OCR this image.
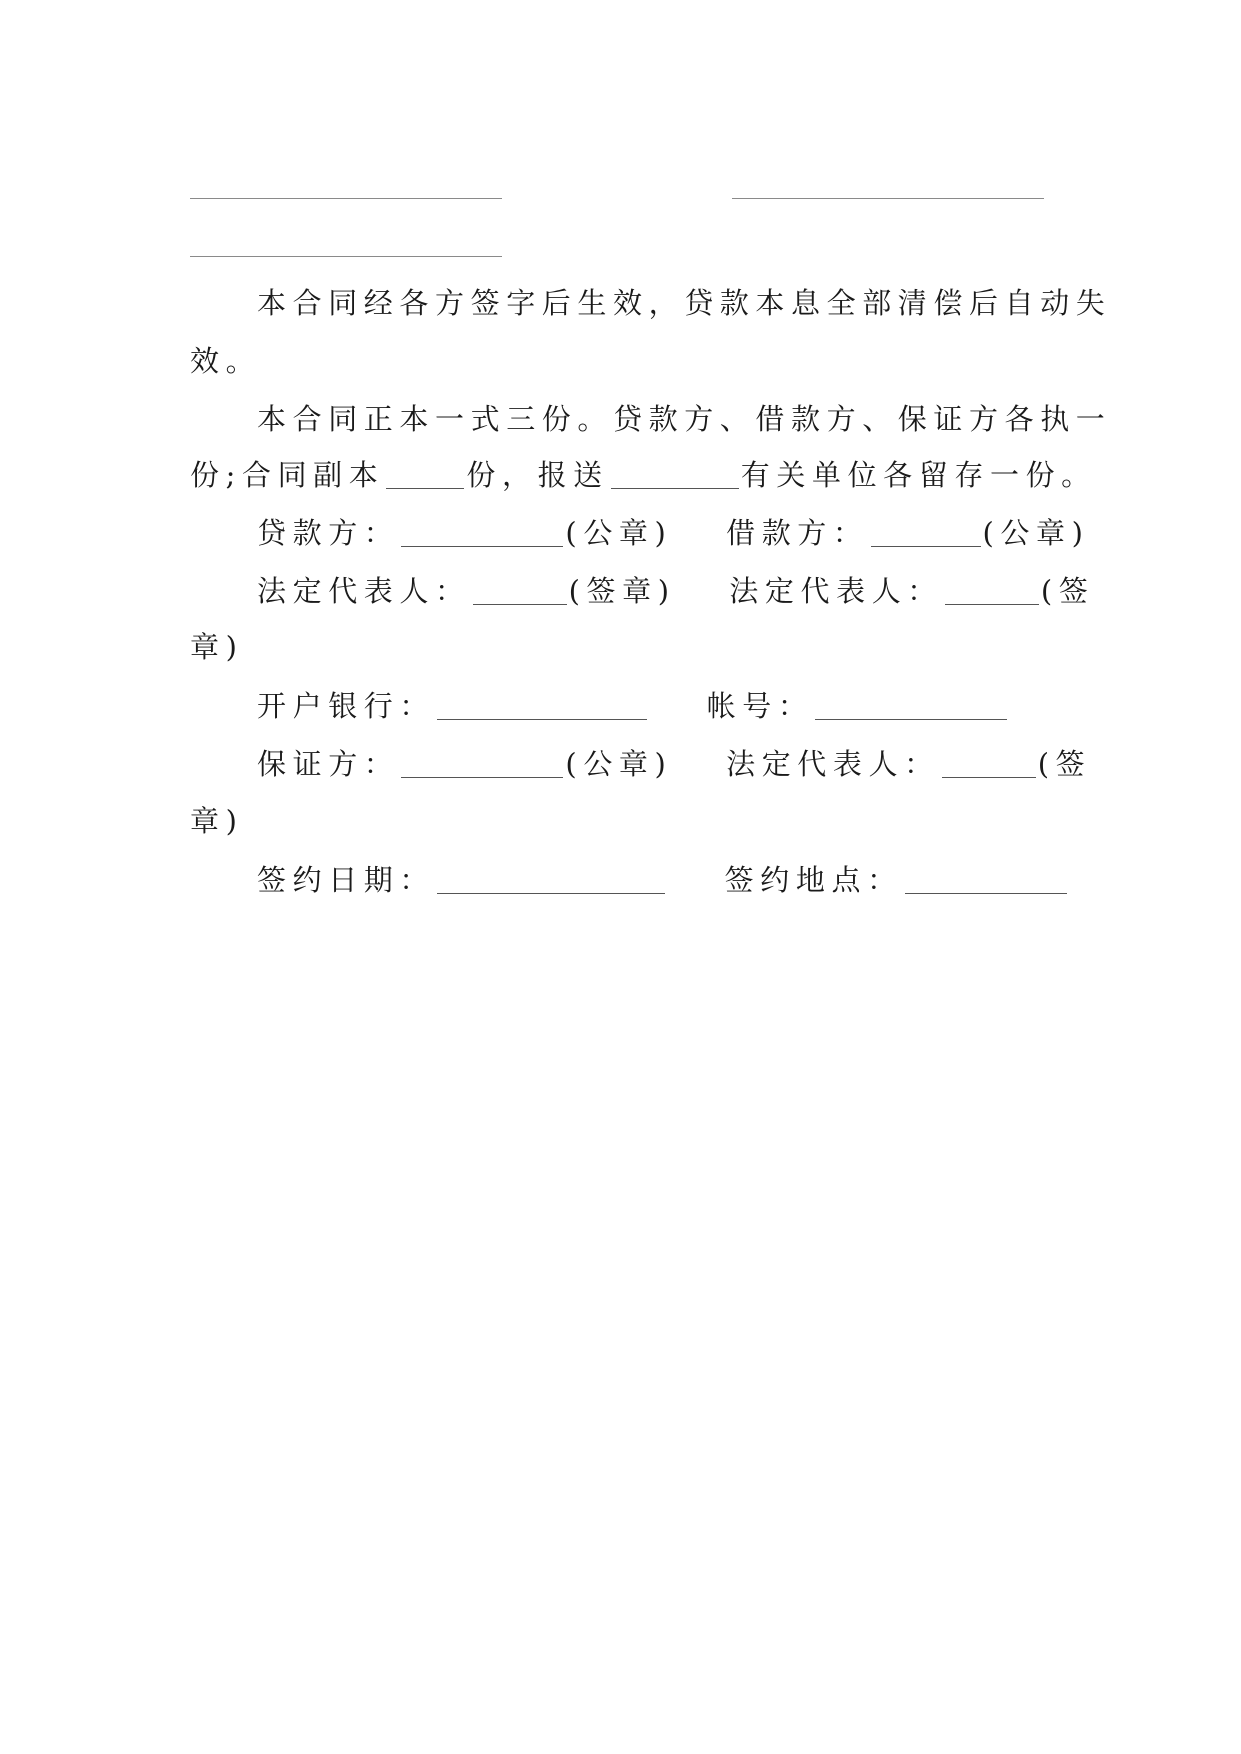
本合同经各方签字后生效，贷款本息全部清偿后自动失
效。
本合同正本一式三份。贷款方、借款方、保证方各执一
份;合同副本	份，报送	有关单位各留存一份。
贷款方：	(公章) 借款方：	(公章)
法定代表人：	(签章) 法定代表人：	(签
章)
开户银行：	帐号：
保证方：	(公章) 法定代表人：	(签
章)
签约日期：	签约地点：
